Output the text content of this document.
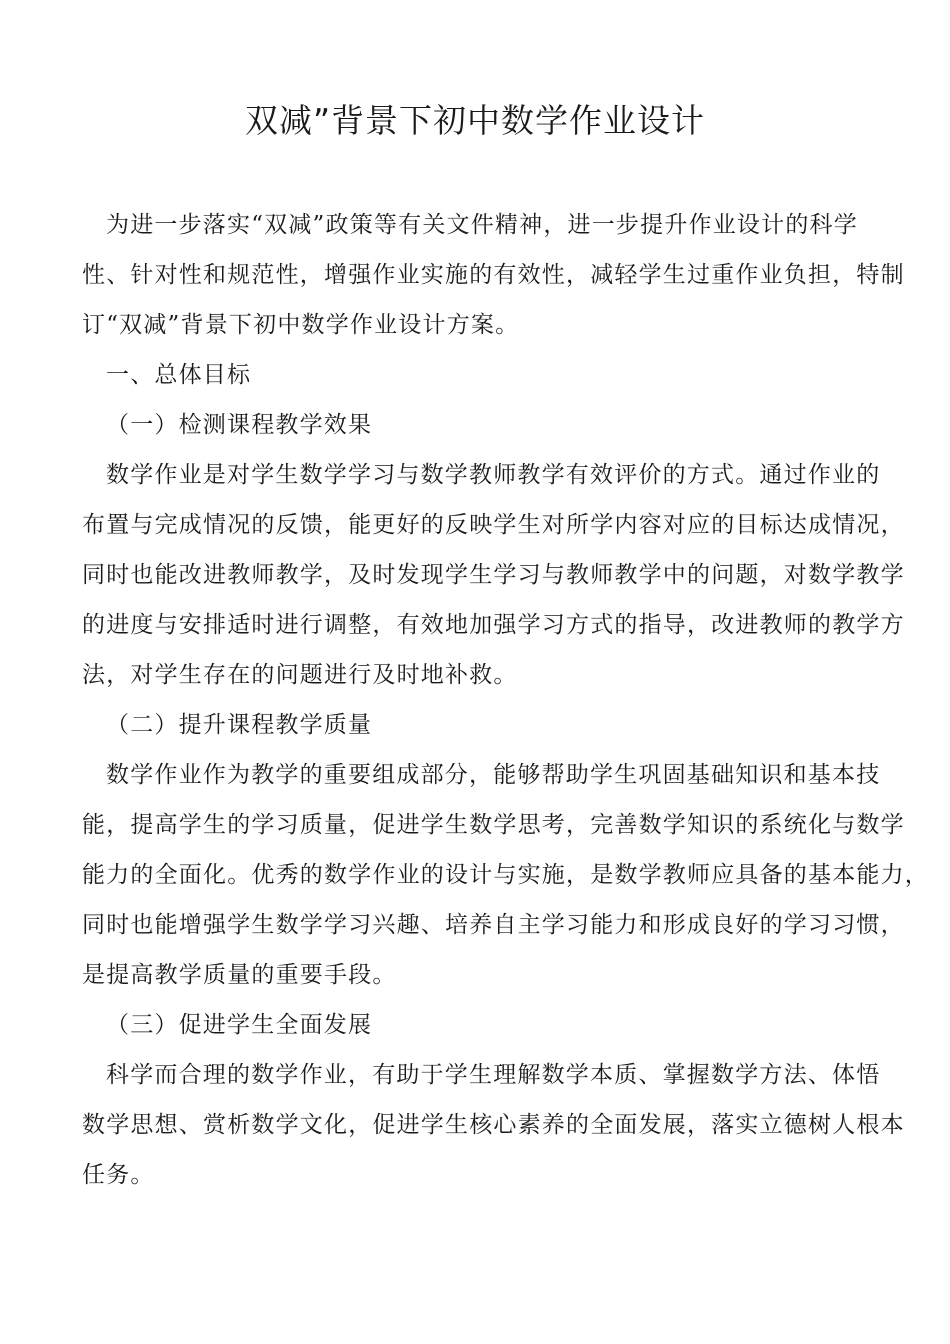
双减”背景下初中数学作业设计

为进一步落实“双减”政策等有关文件精神，进一步提升作业设计的科学
性、针对性和规范性，增强作业实施的有效性，减轻学生过重作业负担，特制
订“双减”背景下初中数学作业设计方案。

一、总体目标

（一）检测课程教学效果

数学作业是对学生数学学习与数学教师教学有效评价的方式。通过作业的
布置与完成情况的反馈，能更好的反映学生对所学内容对应的目标达成情况，
同时也能改进教师教学，及时发现学生学习与教师教学中的问题，对数学教学
的进度与安排适时进行调整，有效地加强学习方式的指导，改进教师的教学方
法，对学生存在的问题进行及时地补救。

（二）提升课程教学质量

数学作业作为教学的重要组成部分，能够帮助学生巩固基础知识和基本技
能，提高学生的学习质量，促进学生数学思考，完善数学知识的系统化与数学
能力的全面化。优秀的数学作业的设计与实施，是数学教师应具备的基本能力，
同时也能增强学生数学学习兴趣、培养自主学习能力和形成良好的学习习惯，
是提高教学质量的重要手段。

（三）促进学生全面发展

科学而合理的数学作业，有助于学生理解数学本质、掌握数学方法、体悟
数学思想、赏析数学文化，促进学生核心素养的全面发展，落实立德树人根本
任务。
